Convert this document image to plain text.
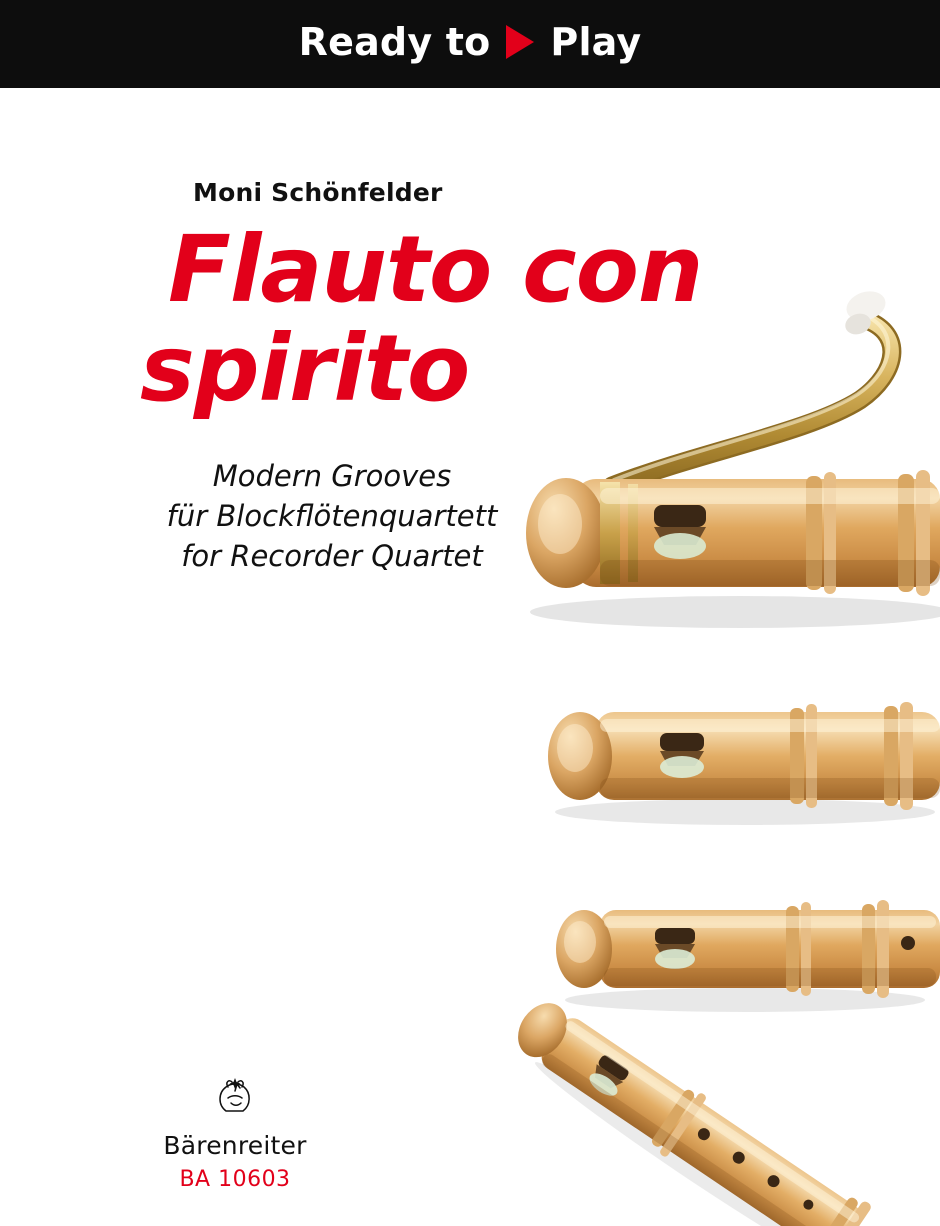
Ready to Play
Moni Schönfelder
Flauto con
spirito
Modern Grooves
für Blockflötenquartett
for Recorder Quartet
Bärenreiter
BA 10603
